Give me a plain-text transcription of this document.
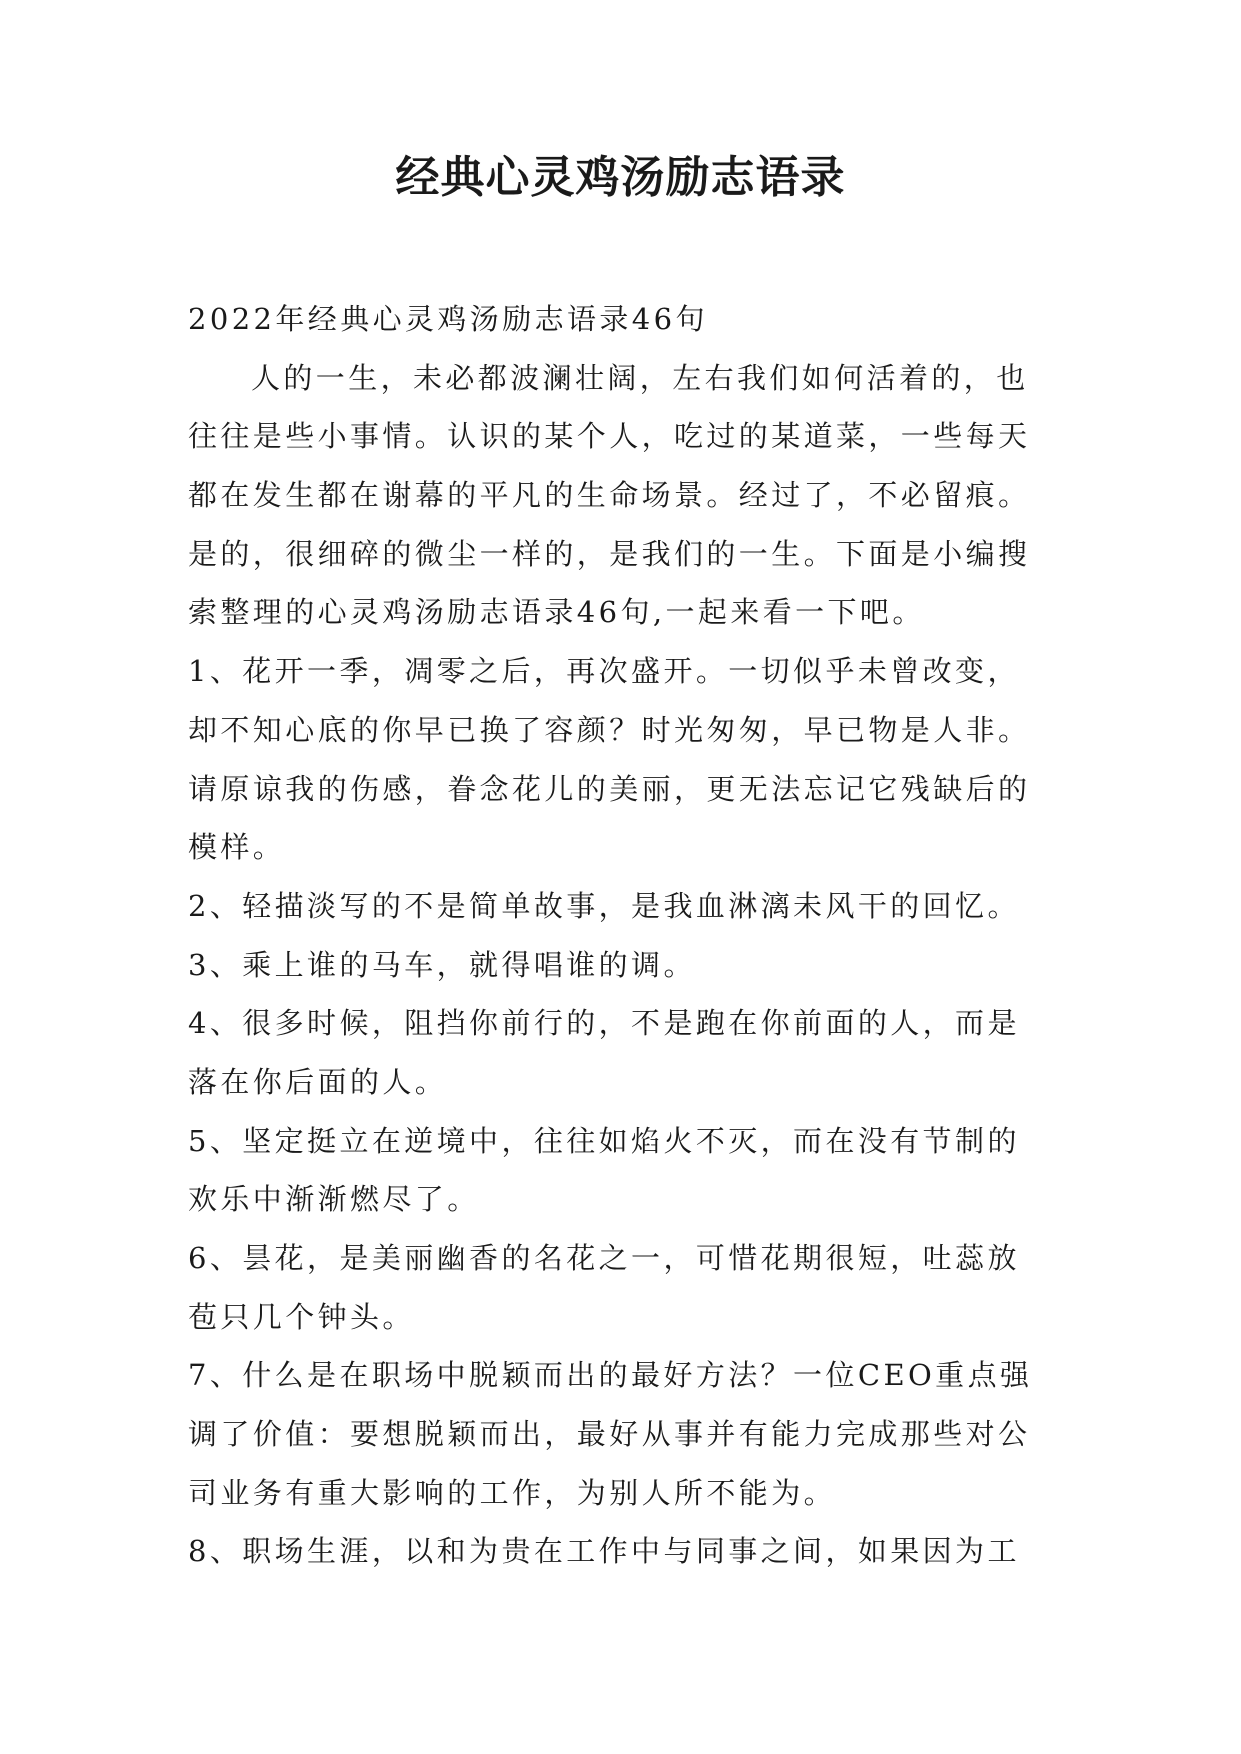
经典心灵鸡汤励志语录
2022年经典心灵鸡汤励志语录46句
人的一生，未必都波澜壮阔，左右我们如何活着的，也
往往是些小事情。认识的某个人，吃过的某道菜，一些每天
都在发生都在谢幕的平凡的生命场景。经过了，不必留痕。
是的，很细碎的微尘一样的，是我们的一生。下面是小编搜
索整理的心灵鸡汤励志语录46句,一起来看一下吧。
1、花开一季，凋零之后，再次盛开。一切似乎未曾改变，
却不知心底的你早已换了容颜？时光匆匆，早已物是人非。
请原谅我的伤感，眷念花儿的美丽，更无法忘记它残缺后的
模样。
2、轻描淡写的不是简单故事，是我血淋漓未风干的回忆。
3、乘上谁的马车，就得唱谁的调。
4、很多时候，阻挡你前行的，不是跑在你前面的人，而是
落在你后面的人。
5、坚定挺立在逆境中，往往如焰火不灭，而在没有节制的
欢乐中渐渐燃尽了。
6、昙花，是美丽幽香的名花之一，可惜花期很短，吐蕊放
苞只几个钟头。
7、什么是在职场中脱颖而出的最好方法？一位CEO重点强
调了价值：要想脱颖而出，最好从事并有能力完成那些对公
司业务有重大影响的工作，为别人所不能为。
8、职场生涯，以和为贵在工作中与同事之间，如果因为工
